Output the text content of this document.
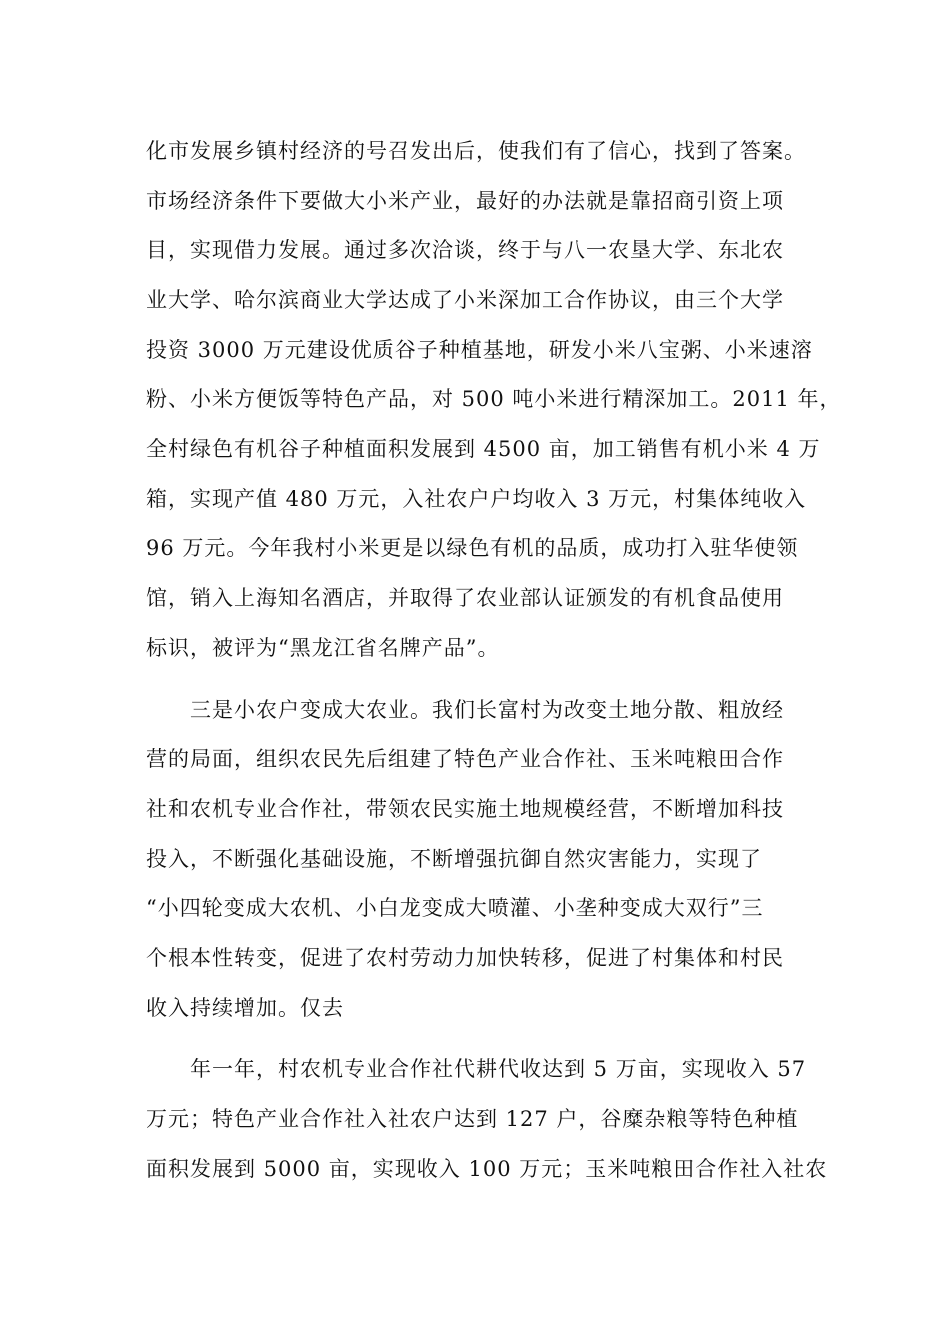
化市发展乡镇村经济的号召发出后，使我们有了信心，找到了答案。
市场经济条件下要做大小米产业，最好的办法就是靠招商引资上项
目，实现借力发展。通过多次洽谈，终于与八一农垦大学、东北农
业大学、哈尔滨商业大学达成了小米深加工合作协议，由三个大学
投资 3000 万元建设优质谷子种植基地，研发小米八宝粥、小米速溶
粉、小米方便饭等特色产品，对 500 吨小米进行精深加工。2011 年，
全村绿色有机谷子种植面积发展到 4500 亩，加工销售有机小米 4 万
箱，实现产值 480 万元，入社农户户均收入 3 万元，村集体纯收入
96 万元。今年我村小米更是以绿色有机的品质，成功打入驻华使领
馆，销入上海知名酒店，并取得了农业部认证颁发的有机食品使用
标识，被评为“黑龙江省名牌产品”。
三是小农户变成大农业。我们长富村为改变土地分散、粗放经
营的局面，组织农民先后组建了特色产业合作社、玉米吨粮田合作
社和农机专业合作社，带领农民实施土地规模经营，不断增加科技
投入，不断强化基础设施，不断增强抗御自然灾害能力，实现了
“小四轮变成大农机、小白龙变成大喷灌、小垄种变成大双行”三
个根本性转变，促进了农村劳动力加快转移，促进了村集体和村民
收入持续增加。仅去
年一年，村农机专业合作社代耕代收达到 5 万亩，实现收入 57
万元；特色产业合作社入社农户达到 127 户，谷糜杂粮等特色种植
面积发展到 5000 亩，实现收入 100 万元；玉米吨粮田合作社入社农
